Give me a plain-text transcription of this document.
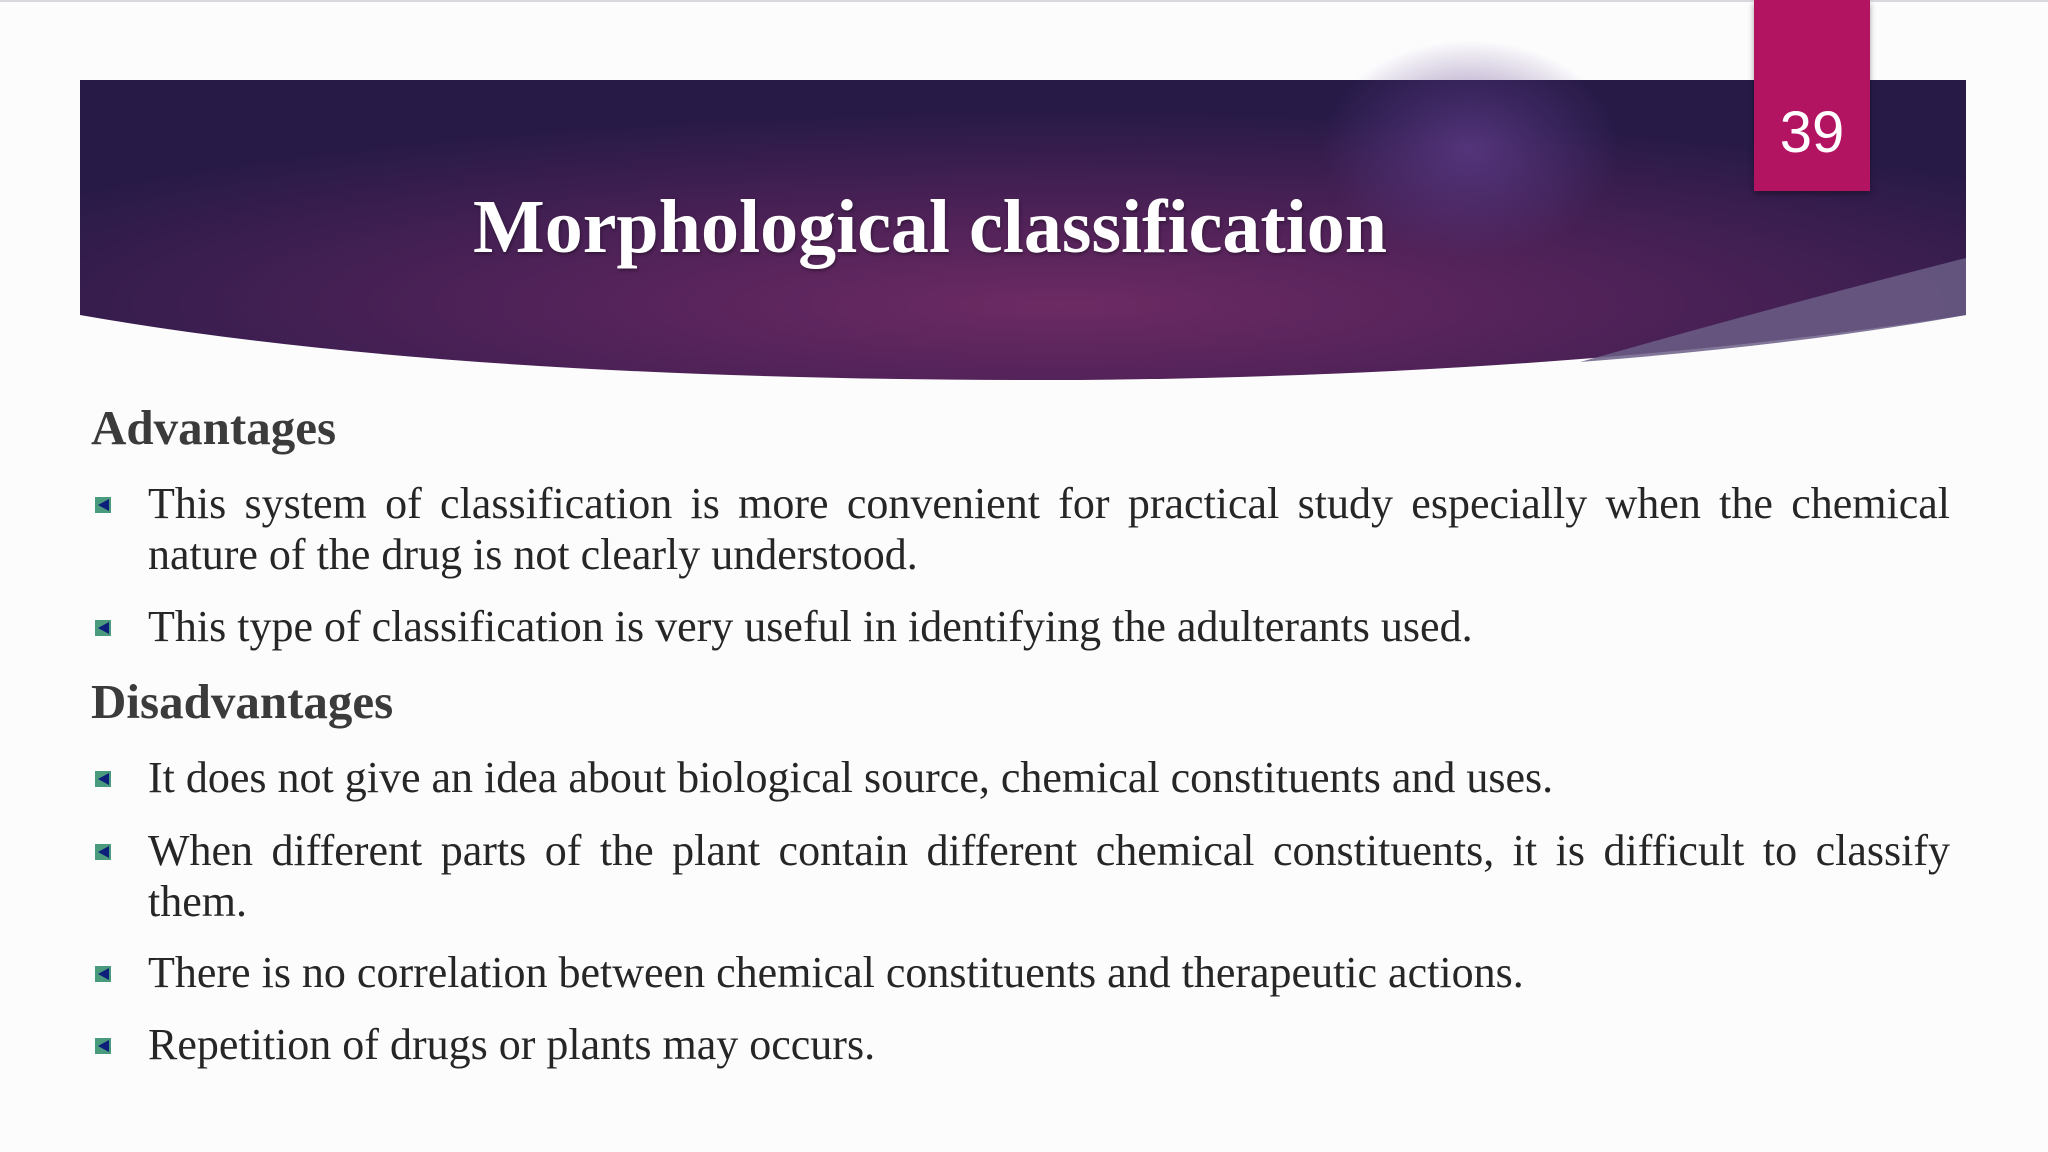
39
Morphological classification
Advantages
This system of classification is more convenient for practical study especially when the chemical nature of the drug is not clearly understood.
This type of classification is very useful in identifying the adulterants used.
Disadvantages
It does not give an idea about biological source, chemical constituents and uses.
When different parts of the plant contain different chemical constituents, it is difficult to classify them.
There is no correlation between chemical constituents and therapeutic actions.
Repetition of drugs or plants may occurs.
